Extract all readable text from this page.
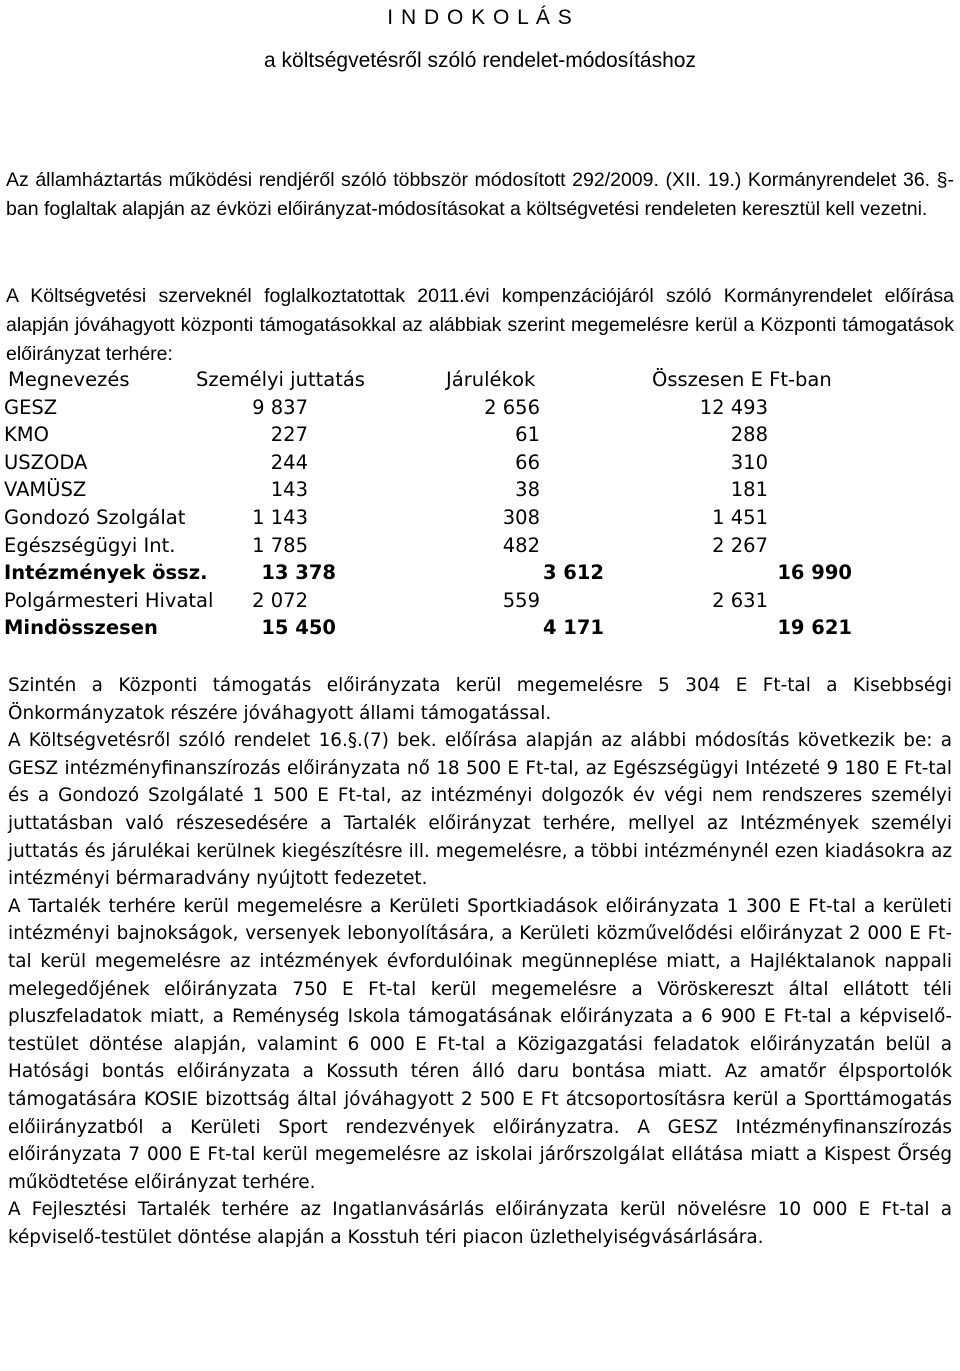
I N D O K O L Á S
a költségvetésről szóló rendelet-módosításhoz

Az államháztartás működési rendjéről szóló többször módosított 292/2009. (XII. 19.) Kormányrendelet 36. §-ban foglaltak alapján az évközi előirányzat-módosításokat a költségvetési rendeleten keresztül kell vezetni.

A Költségvetési szerveknél foglalkoztatottak 2011.évi kompenzációjáról szóló Kormányrendelet előírása alapján jóváhagyott központi támogatásokkal az alábbiak szerint megemelésre kerül a Központi támogatások előirányzat terhére:

Megnevezés	Személyi juttatás	Járulékok	Összesen E Ft-ban
GESZ	9 837	2 656	12 493
KMO	227	61	288
USZODA	244	66	310
VAMÜSZ	143	38	181
Gondozó Szolgálat	1 143	308	1 451
Egészségügyi Int.	1 785	482	2 267
Intézmények össz.	13 378	3 612	16 990
Polgármesteri Hivatal 2 072	559	2 631
Mindösszesen	15 450	4 171	19 621

Szintén a Központi támogatás előirányzata kerül megemelésre 5 304 E Ft-tal a Kisebbségi Önkormányzatok részére jóváhagyott állami támogatással.

A Költségvetésről szóló rendelet 16.§.(7) bek. előírása alapján az alábbi módosítás következik be: a GESZ intézményfinanszírozás előirányzata nő 18 500 E Ft-tal, az Egészségügyi Intézeté 9 180 E Ft-tal és a Gondozó Szolgálaté 1 500 E Ft-tal, az intézményi dolgozók év végi nem rendszeres személyi juttatásban való részesedésére a Tartalék előirányzat terhére, mellyel az Intézmények személyi juttatás és járulékai kerülnek kiegészítésre ill. megemelésre, a többi intézménynél ezen kiadásokra az intézményi bérmaradvány nyújtott fedezetet.

A Tartalék terhére kerül megemelésre a Kerületi Sportkiadások előirányzata 1 300 E Ft-tal a kerületi intézményi bajnokságok, versenyek lebonyolítására, a Kerületi közművelődési előirányzat 2 000 E Ft-tal kerül megemelésre az intézmények évfordulóinak megünneplése miatt, a Hajléktalanok nappali melegedőjének előirányzata 750 E Ft-tal kerül megemelésre a Vöröskereszt által ellátott téli pluszfeladatok miatt, a Reménység Iskola támogatásának előirányzata a 6 900 E Ft-tal a képviselő-testület döntése alapján, valamint 6 000 E Ft-tal a Közigazgatási feladatok előirányzatán belül a Hatósági bontás előirányzata a Kossuth téren álló daru bontása miatt. Az amatőr élpsportolók támogatására KOSIE bizottság által jóváhagyott 2 500 E Ft átcsoportosításra kerül a Sporttámogatás előiirányzatból a Kerületi Sport rendezvények előirányzatra. A GESZ Intézményfinanszírozás előirányzata 7 000 E Ft-tal kerül megemelésre az iskolai járőrszolgálat ellátása miatt a Kispest Őrség működtetése előirányzat terhére.

A Fejlesztési Tartalék terhére az Ingatlanvásárlás előirányzata kerül növelésre 10 000 E Ft-tal a képviselő-testület döntése alapján a Kosstuh téri piacon üzlethelyiségvásárlására.
